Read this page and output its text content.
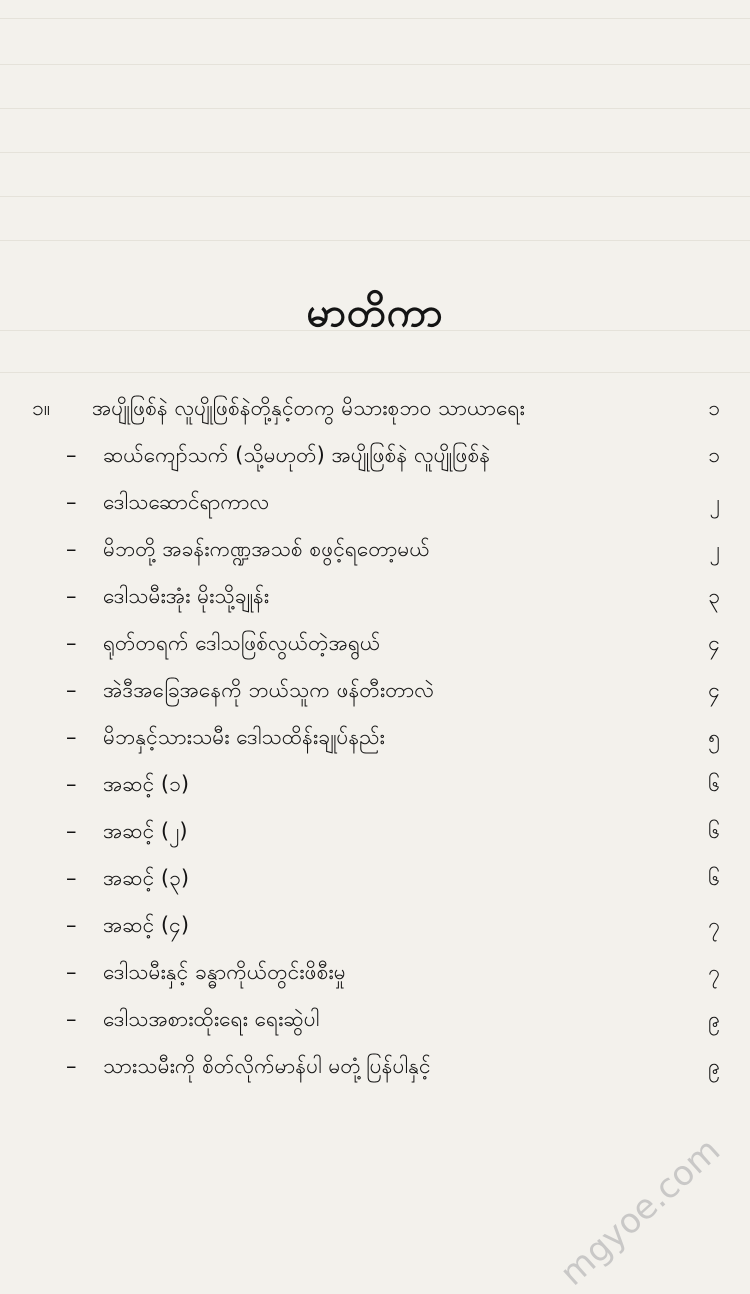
မာတိကာ
၁။ အပျိုဖြစ်နဲ လူပျိုဖြစ်နဲတို့နှင့်တကွ မိသားစုဘဝ သာယာရေး	၁
– ဆယ်ကျော်သက် (သို့မဟုတ်) အပျိုဖြစ်နဲ လူပျိုဖြစ်နဲ	၁
– ဒေါသဆောင်ရာကာလ	၂
– မိဘတို့ အခန်းကဏ္ဍအသစ် စဖွင့်ရတော့မယ်	၂
– ဒေါသမီးအုံး မိုးသို့ချုန်း	၃
– ရုတ်တရက် ဒေါသဖြစ်လွယ်တဲ့အရွယ်	၄
– အဲဒီအခြေအနေကို ဘယ်သူက ဖန်တီးတာလဲ	၄
– မိဘနှင့်သားသမီး ဒေါသထိန်းချုပ်နည်း	၅
– အဆင့် (၁)	၆
– အဆင့် (၂)	၆
– အဆင့် (၃)	၆
– အဆင့် (၄)	၇
– ဒေါသမီးနှင့် ခန္ဓာကိုယ်တွင်းဖိစီးမှု	၇
– ဒေါသအစားထိုးရေး ရေးဆွဲပါ	၉
– သားသမီးကို စိတ်လိုက်မာန်ပါ မတုံ့ပြန်ပါနှင့်	၉
mgyoe.com
